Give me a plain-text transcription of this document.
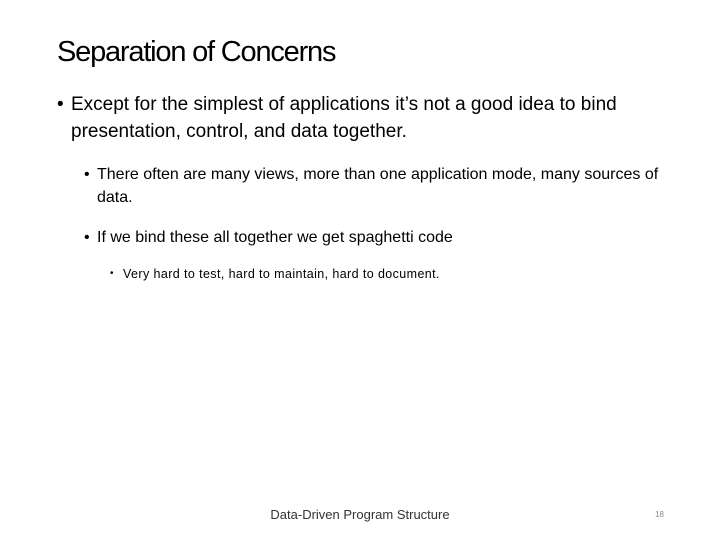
Separation of Concerns
• Except for the simplest of applications it’s not a good idea to bind presentation, control, and data together.
• There often are many views, more than one application mode, many sources of data.
• If we bind these all together we get spaghetti code
• Very hard to test, hard to maintain, hard to document.
Data-Driven Program Structure	18
